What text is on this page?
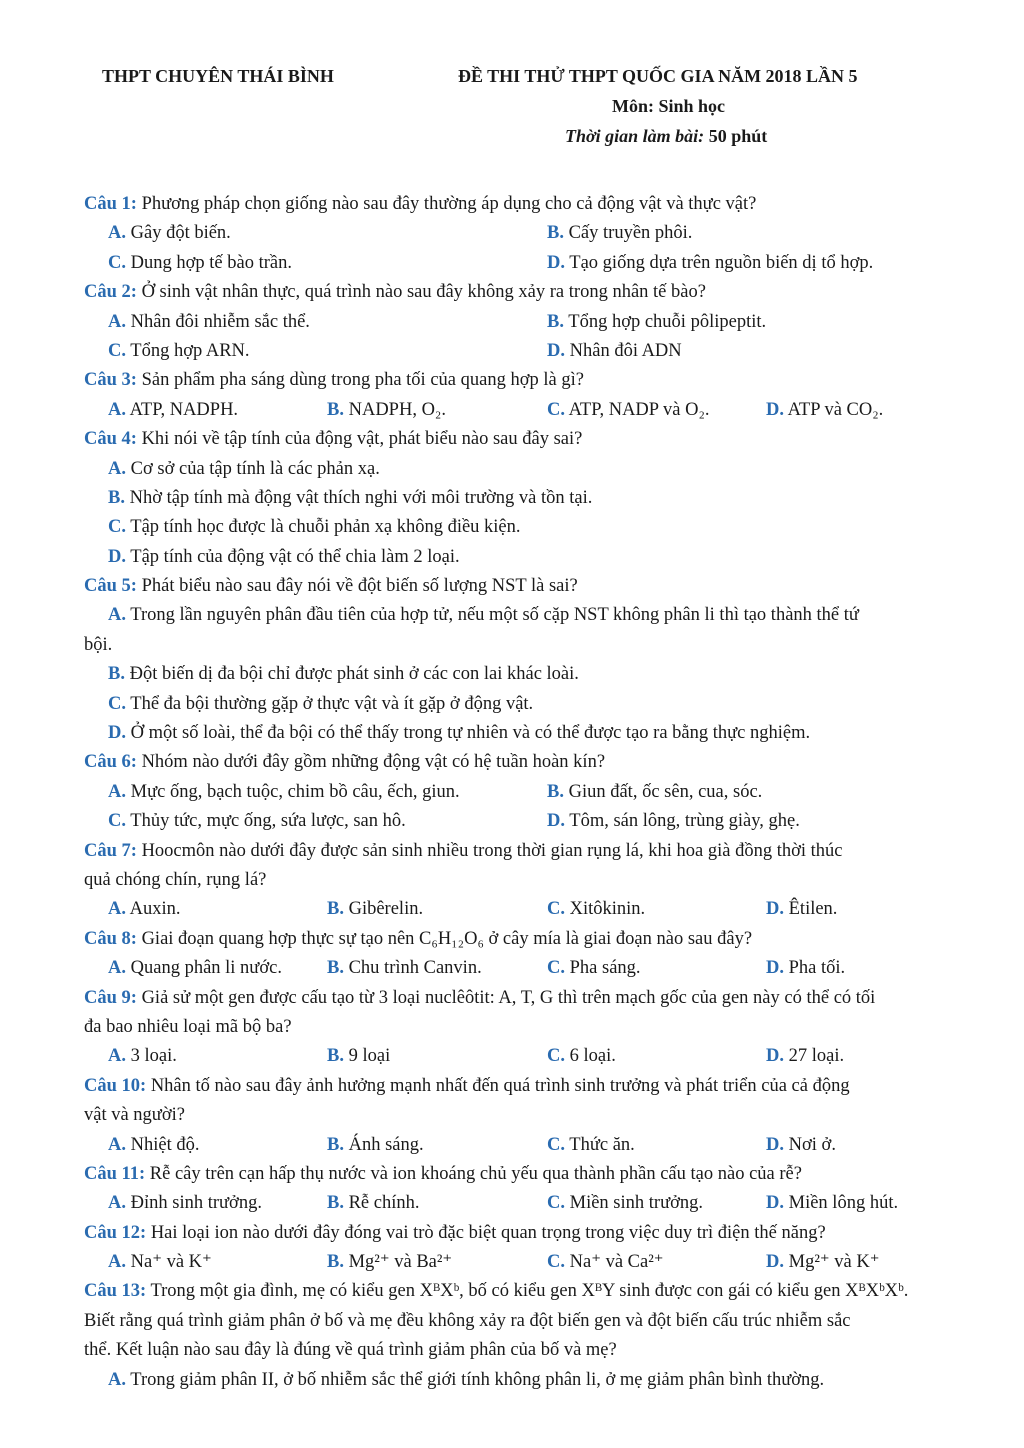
THPT CHUYÊN THÁI BÌNH	ĐỀ THI THỬ THPT QUỐC GIA NĂM 2018 LẦN 5
Môn: Sinh học
Thời gian làm bài: 50 phút
Câu 1: Phương pháp chọn giống nào sau đây thường áp dụng cho cả động vật và thực vật?
A. Gây đột biến.	B. Cấy truyền phôi.
C. Dung hợp tế bào trần.	D. Tạo giống dựa trên nguồn biến dị tổ hợp.
Câu 2: Ở sinh vật nhân thực, quá trình nào sau đây không xảy ra trong nhân tế bào?
A. Nhân đôi nhiễm sắc thể.	B. Tổng hợp chuỗi pôlipeptit.
C. Tổng hợp ARN.	D. Nhân đôi ADN
Câu 3: Sản phẩm pha sáng dùng trong pha tối của quang hợp là gì?
A. ATP, NADPH.	B. NADPH, O₂.	C. ATP, NADP và O₂.	D. ATP và CO₂.
Câu 4: Khi nói về tập tính của động vật, phát biểu nào sau đây sai?
A. Cơ sở của tập tính là các phản xạ.
B. Nhờ tập tính mà động vật thích nghi với môi trường và tồn tại.
C. Tập tính học được là chuỗi phản xạ không điều kiện.
D. Tập tính của động vật có thể chia làm 2 loại.
Câu 5: Phát biểu nào sau đây nói về đột biến số lượng NST là sai?
A. Trong lần nguyên phân đầu tiên của hợp tử, nếu một số cặp NST không phân li thì tạo thành thể tứ
bội.
B. Đột biến dị đa bội chỉ được phát sinh ở các con lai khác loài.
C. Thể đa bội thường gặp ở thực vật và ít gặp ở động vật.
D. Ở một số loài, thể đa bội có thể thấy trong tự nhiên và có thể được tạo ra bằng thực nghiệm.
Câu 6: Nhóm nào dưới đây gồm những động vật có hệ tuần hoàn kín?
A. Mực ống, bạch tuộc, chim bồ câu, ếch, giun.	B. Giun đất, ốc sên, cua, sóc.
C. Thủy tức, mực ống, sứa lược, san hô.	D. Tôm, sán lông, trùng giày, ghẹ.
Câu 7: Hoocmôn nào dưới đây được sản sinh nhiều trong thời gian rụng lá, khi hoa già đồng thời thúc
quả chóng chín, rụng lá?
A. Auxin.	B. Gibêrelin.	C. Xitôkinin.	D. Êtilen.
Câu 8: Giai đoạn quang hợp thực sự tạo nên C₆H₁₂O₆ ở cây mía là giai đoạn nào sau đây?
A. Quang phân li nước. B. Chu trình Canvin.	C. Pha sáng.	D. Pha tối.
Câu 9: Giả sử một gen được cấu tạo từ 3 loại nuclêôtit: A, T, G thì trên mạch gốc của gen này có thể có tối
đa bao nhiêu loại mã bộ ba?
A. 3 loại.	B. 9 loại	C. 6 loại.	D. 27 loại.
Câu 10: Nhân tố nào sau đây ảnh hưởng mạnh nhất đến quá trình sinh trưởng và phát triển của cả động
vật và người?
A. Nhiệt độ.	B. Ánh sáng.	C. Thức ăn.	D. Nơi ở.
Câu 11: Rễ cây trên cạn hấp thụ nước và ion khoáng chủ yếu qua thành phần cấu tạo nào của rễ?
A. Đỉnh sinh trưởng.	B. Rễ chính.	C. Miền sinh trưởng.	D. Miền lông hút.
Câu 12: Hai loại ion nào dưới đây đóng vai trò đặc biệt quan trọng trong việc duy trì điện thế năng?
A. Na⁺ và K⁺	B. Mg²⁺ và Ba²⁺	C. Na⁺ và Ca²⁺	D. Mg²⁺ và K⁺
Câu 13: Trong một gia đình, mẹ có kiểu gen XᴮXᵇ, bố có kiểu gen XᴮY sinh được con gái có kiểu gen XᴮXᵇXᵇ.
Biết rằng quá trình giảm phân ở bố và mẹ đều không xảy ra đột biến gen và đột biến cấu trúc nhiễm sắc
thể. Kết luận nào sau đây là đúng về quá trình giảm phân của bố và mẹ?
A. Trong giảm phân II, ở bố nhiễm sắc thể giới tính không phân li, ở mẹ giảm phân bình thường.
